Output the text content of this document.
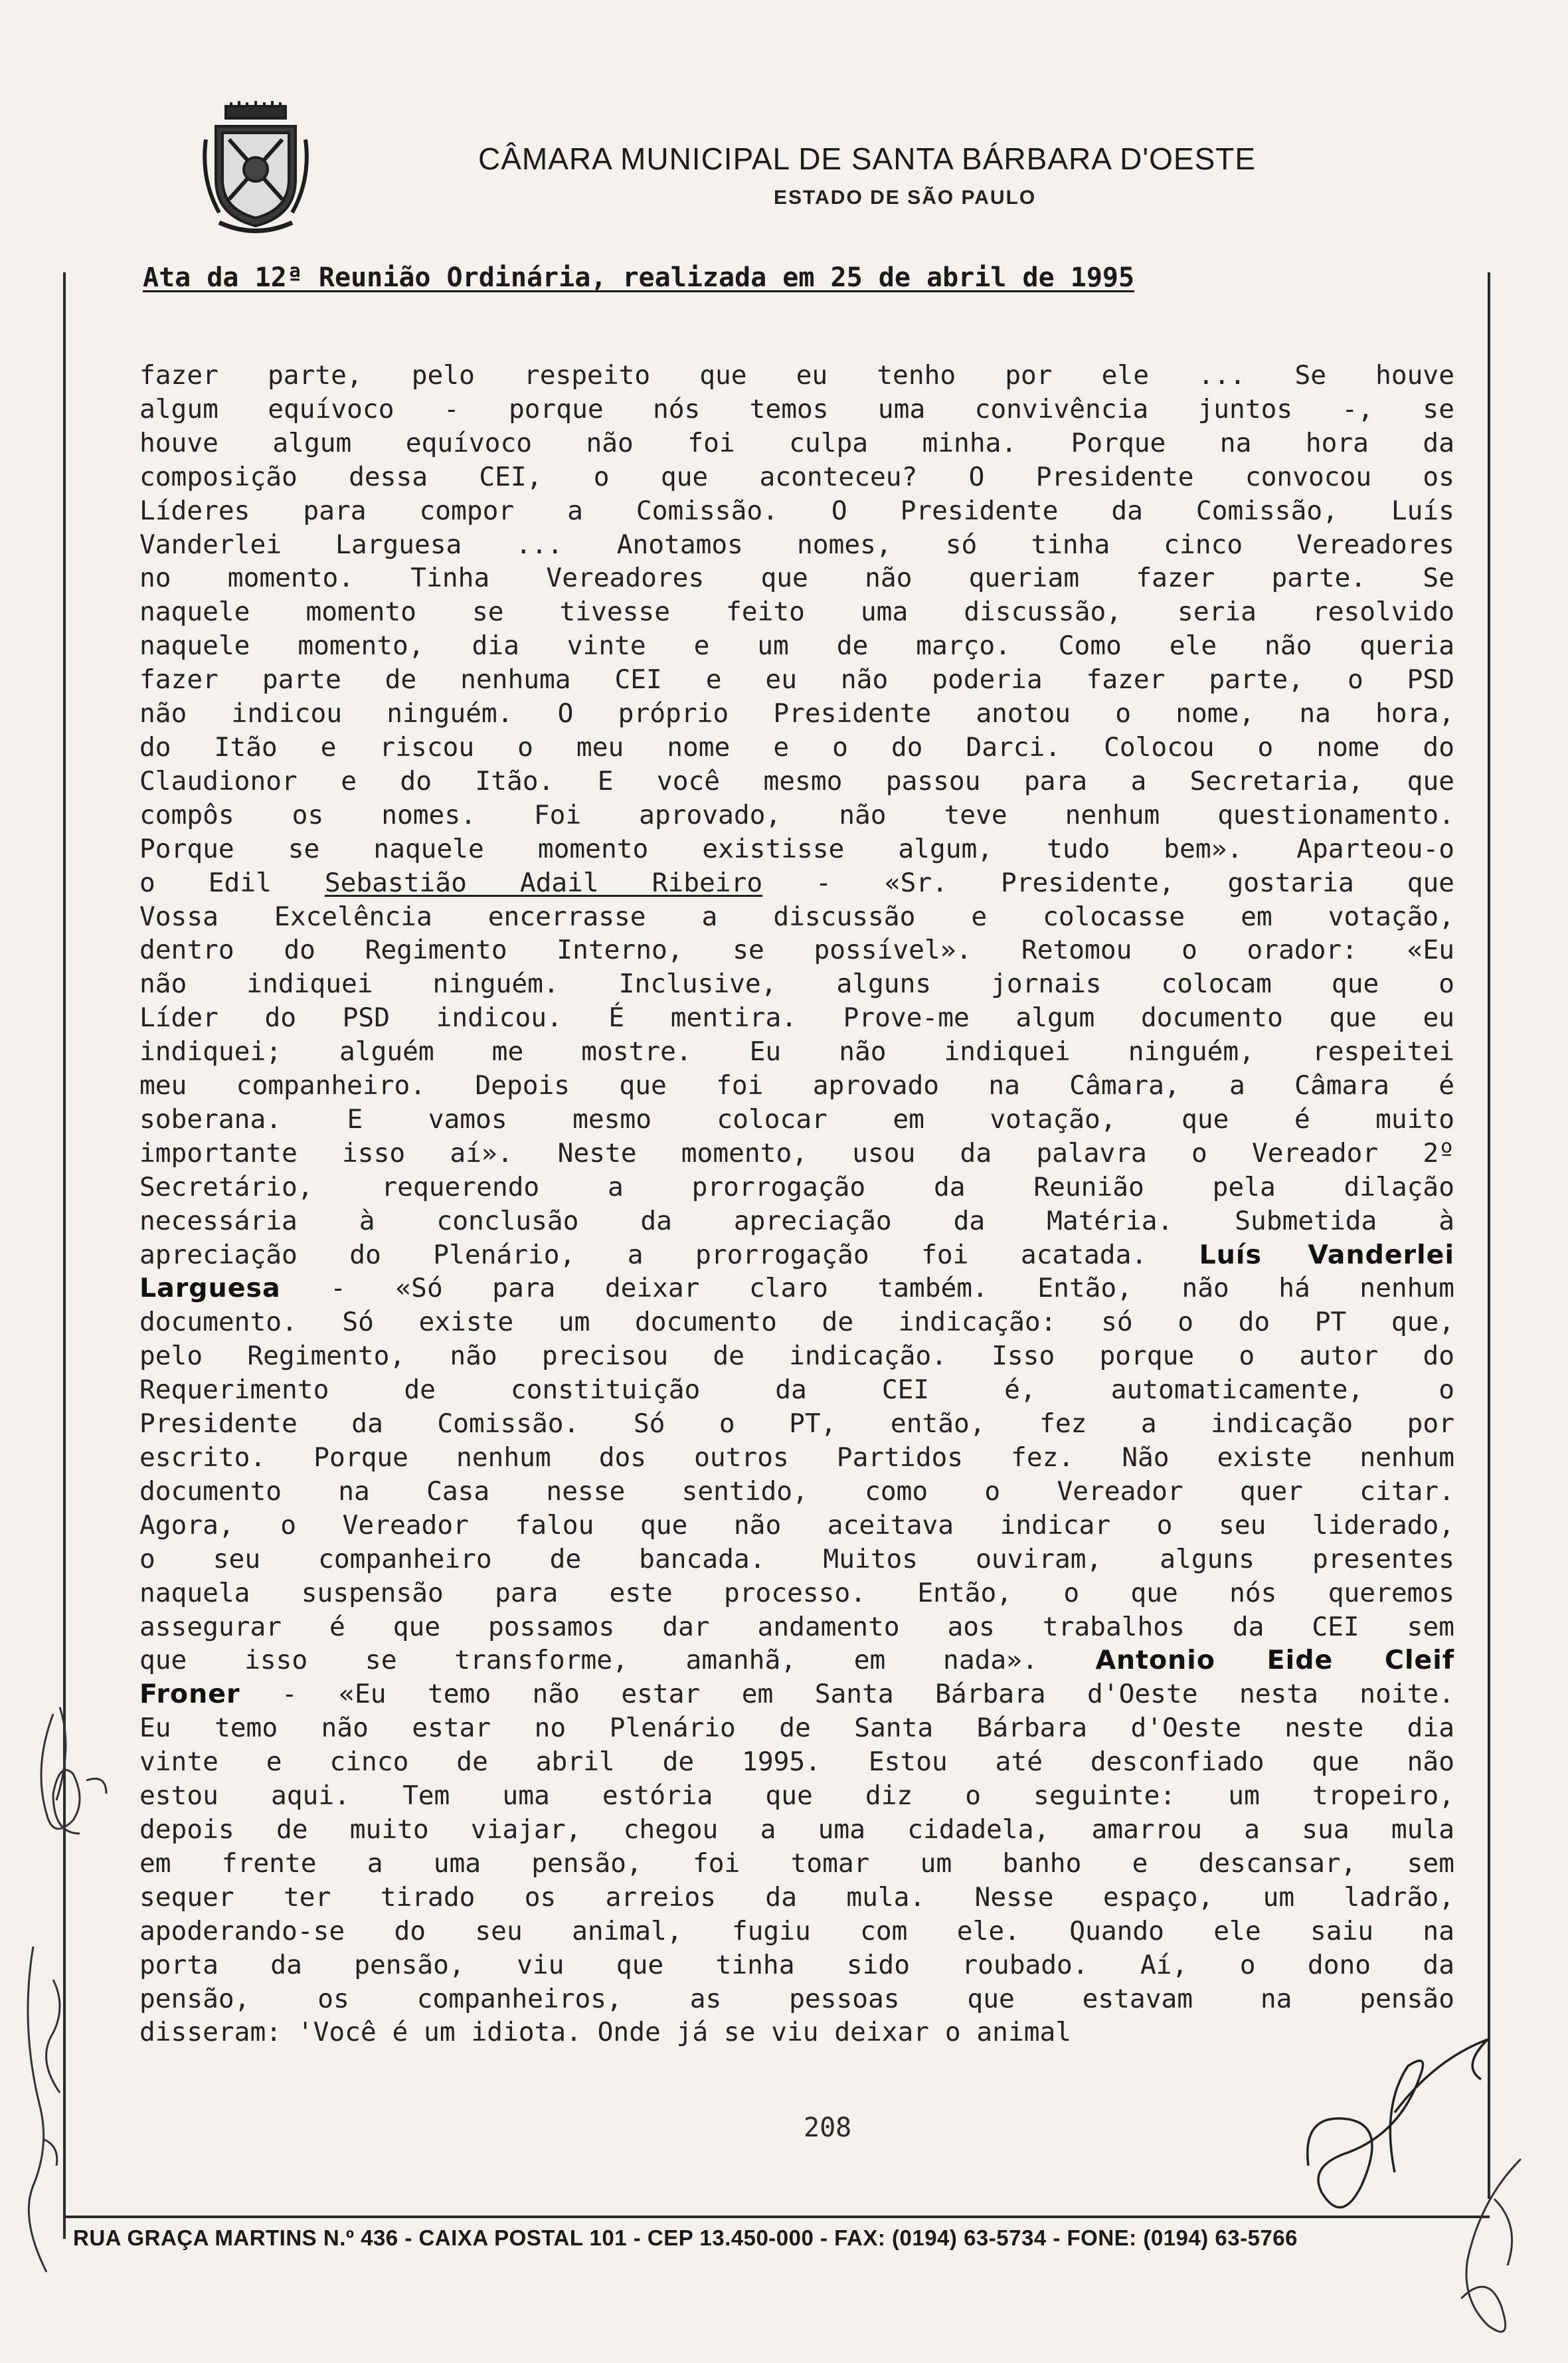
CÂMARA MUNICIPAL DE SANTA BÁRBARA D'OESTE
ESTADO DE SÃO PAULO
Ata da 12ª Reunião Ordinária, realizada em 25 de abril de 1995
fazer parte, pelo respeito que eu tenho por ele ... Se houve
algum equívoco - porque nós temos uma convivência juntos -, se
houve algum equívoco não foi culpa minha. Porque na hora da
composição dessa CEI, o que aconteceu? O Presidente convocou os
Líderes para compor a Comissão. O Presidente da Comissão, Luís
Vanderlei Larguesa ... Anotamos nomes, só tinha cinco Vereadores
no momento. Tinha Vereadores que não queriam fazer parte. Se
naquele momento se tivesse feito uma discussão, seria resolvido
naquele momento, dia vinte e um de março. Como ele não queria
fazer parte de nenhuma CEI e eu não poderia fazer parte, o PSD
não indicou ninguém. O próprio Presidente anotou o nome, na hora,
do Itão e riscou o meu nome e o do Darci. Colocou o nome do
Claudionor e do Itão. E você mesmo passou para a Secretaria, que
compôs os nomes. Foi aprovado, não teve nenhum questionamento.
Porque se naquele momento existisse algum, tudo bem». Aparteou-o
o Edil Sebastião Adail Ribeiro - «Sr. Presidente, gostaria que
Vossa Excelência encerrasse a discussão e colocasse em votação,
dentro do Regimento Interno, se possível». Retomou o orador: «Eu
não indiquei ninguém. Inclusive, alguns jornais colocam que o
Líder do PSD indicou. É mentira. Prove-me algum documento que eu
indiquei; alguém me mostre. Eu não indiquei ninguém, respeitei
meu companheiro. Depois que foi aprovado na Câmara, a Câmara é
soberana. E vamos mesmo colocar em votação, que é muito
importante isso aí». Neste momento, usou da palavra o Vereador 2º
Secretário, requerendo a prorrogação da Reunião pela dilação
necessária à conclusão da apreciação da Matéria. Submetida à
apreciação do Plenário, a prorrogação foi acatada. Luís Vanderlei
Larguesa - «Só para deixar claro também. Então, não há nenhum
documento. Só existe um documento de indicação: só o do PT que,
pelo Regimento, não precisou de indicação. Isso porque o autor do
Requerimento de constituição da CEI é, automaticamente, o
Presidente da Comissão. Só o PT, então, fez a indicação por
escrito. Porque nenhum dos outros Partidos fez. Não existe nenhum
documento na Casa nesse sentido, como o Vereador quer citar.
Agora, o Vereador falou que não aceitava indicar o seu liderado,
o seu companheiro de bancada. Muitos ouviram, alguns presentes
naquela suspensão para este processo. Então, o que nós queremos
assegurar é que possamos dar andamento aos trabalhos da CEI sem
que isso se transforme, amanhã, em nada». Antonio Eide Cleif
Froner - «Eu temo não estar em Santa Bárbara d'Oeste nesta noite.
Eu temo não estar no Plenário de Santa Bárbara d'Oeste neste dia
vinte e cinco de abril de 1995. Estou até desconfiado que não
estou aqui. Tem uma estória que diz o seguinte: um tropeiro,
depois de muito viajar, chegou a uma cidadela, amarrou a sua mula
em frente a uma pensão, foi tomar um banho e descansar, sem
sequer ter tirado os arreios da mula. Nesse espaço, um ladrão,
apoderando-se do seu animal, fugiu com ele. Quando ele saiu na
porta da pensão, viu que tinha sido roubado. Aí, o dono da
pensão, os companheiros, as pessoas que estavam na pensão
disseram: 'Você é um idiota. Onde já se viu deixar o animal
208
RUA GRAÇA MARTINS N.º 436 - CAIXA POSTAL 101 - CEP 13.450-000 - FAX: (0194) 63-5734 - FONE: (0194) 63-5766
